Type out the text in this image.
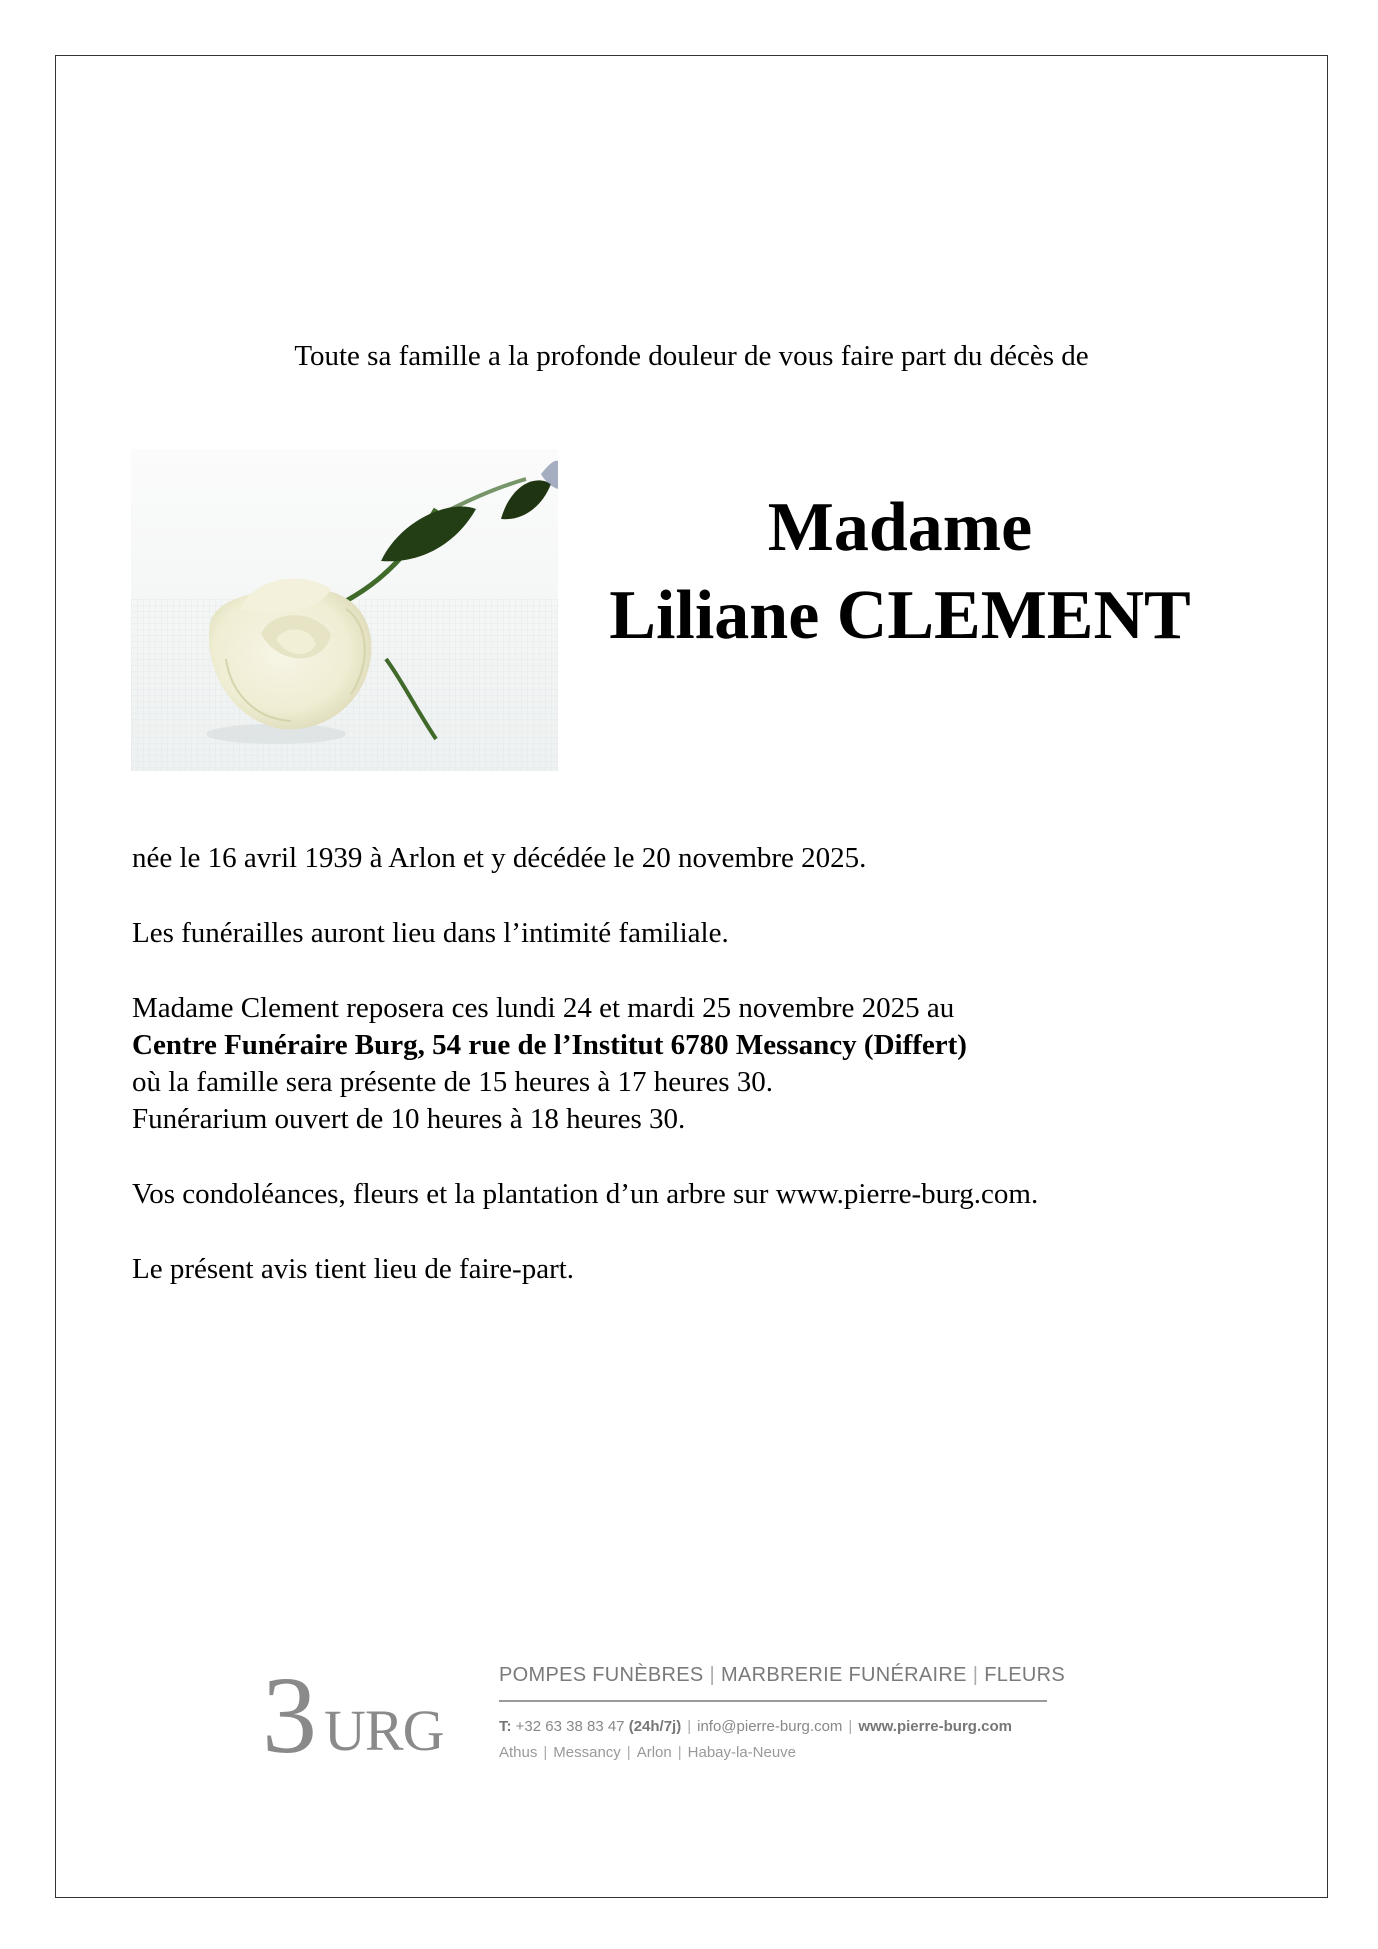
Toute sa famille a la profonde douleur de vous faire part du décès de
Madame
Liliane CLEMENT

née le 16 avril 1939 à Arlon et y décédée le 20 novembre 2025.

Les funérailles auront lieu dans l’intimité familiale.

Madame Clement reposera ces lundi 24 et mardi 25 novembre 2025 au
Centre Funéraire Burg, 54 rue de l’Institut 6780 Messancy (Differt)
où la famille sera présente de 15 heures à 17 heures 30.
Funérarium ouvert de 10 heures à 18 heures 30.

Vos condoléances, fleurs et la plantation d’un arbre sur www.pierre-burg.com.

Le présent avis tient lieu de faire-part.

3 URG
POMPES FUNÈBRES | MARBRERIE FUNÉRAIRE | FLEURS
T: +32 63 38 83 47 (24h/7j) | info@pierre-burg.com | www.pierre-burg.com
Athus | Messancy | Arlon | Habay-la-Neuve
